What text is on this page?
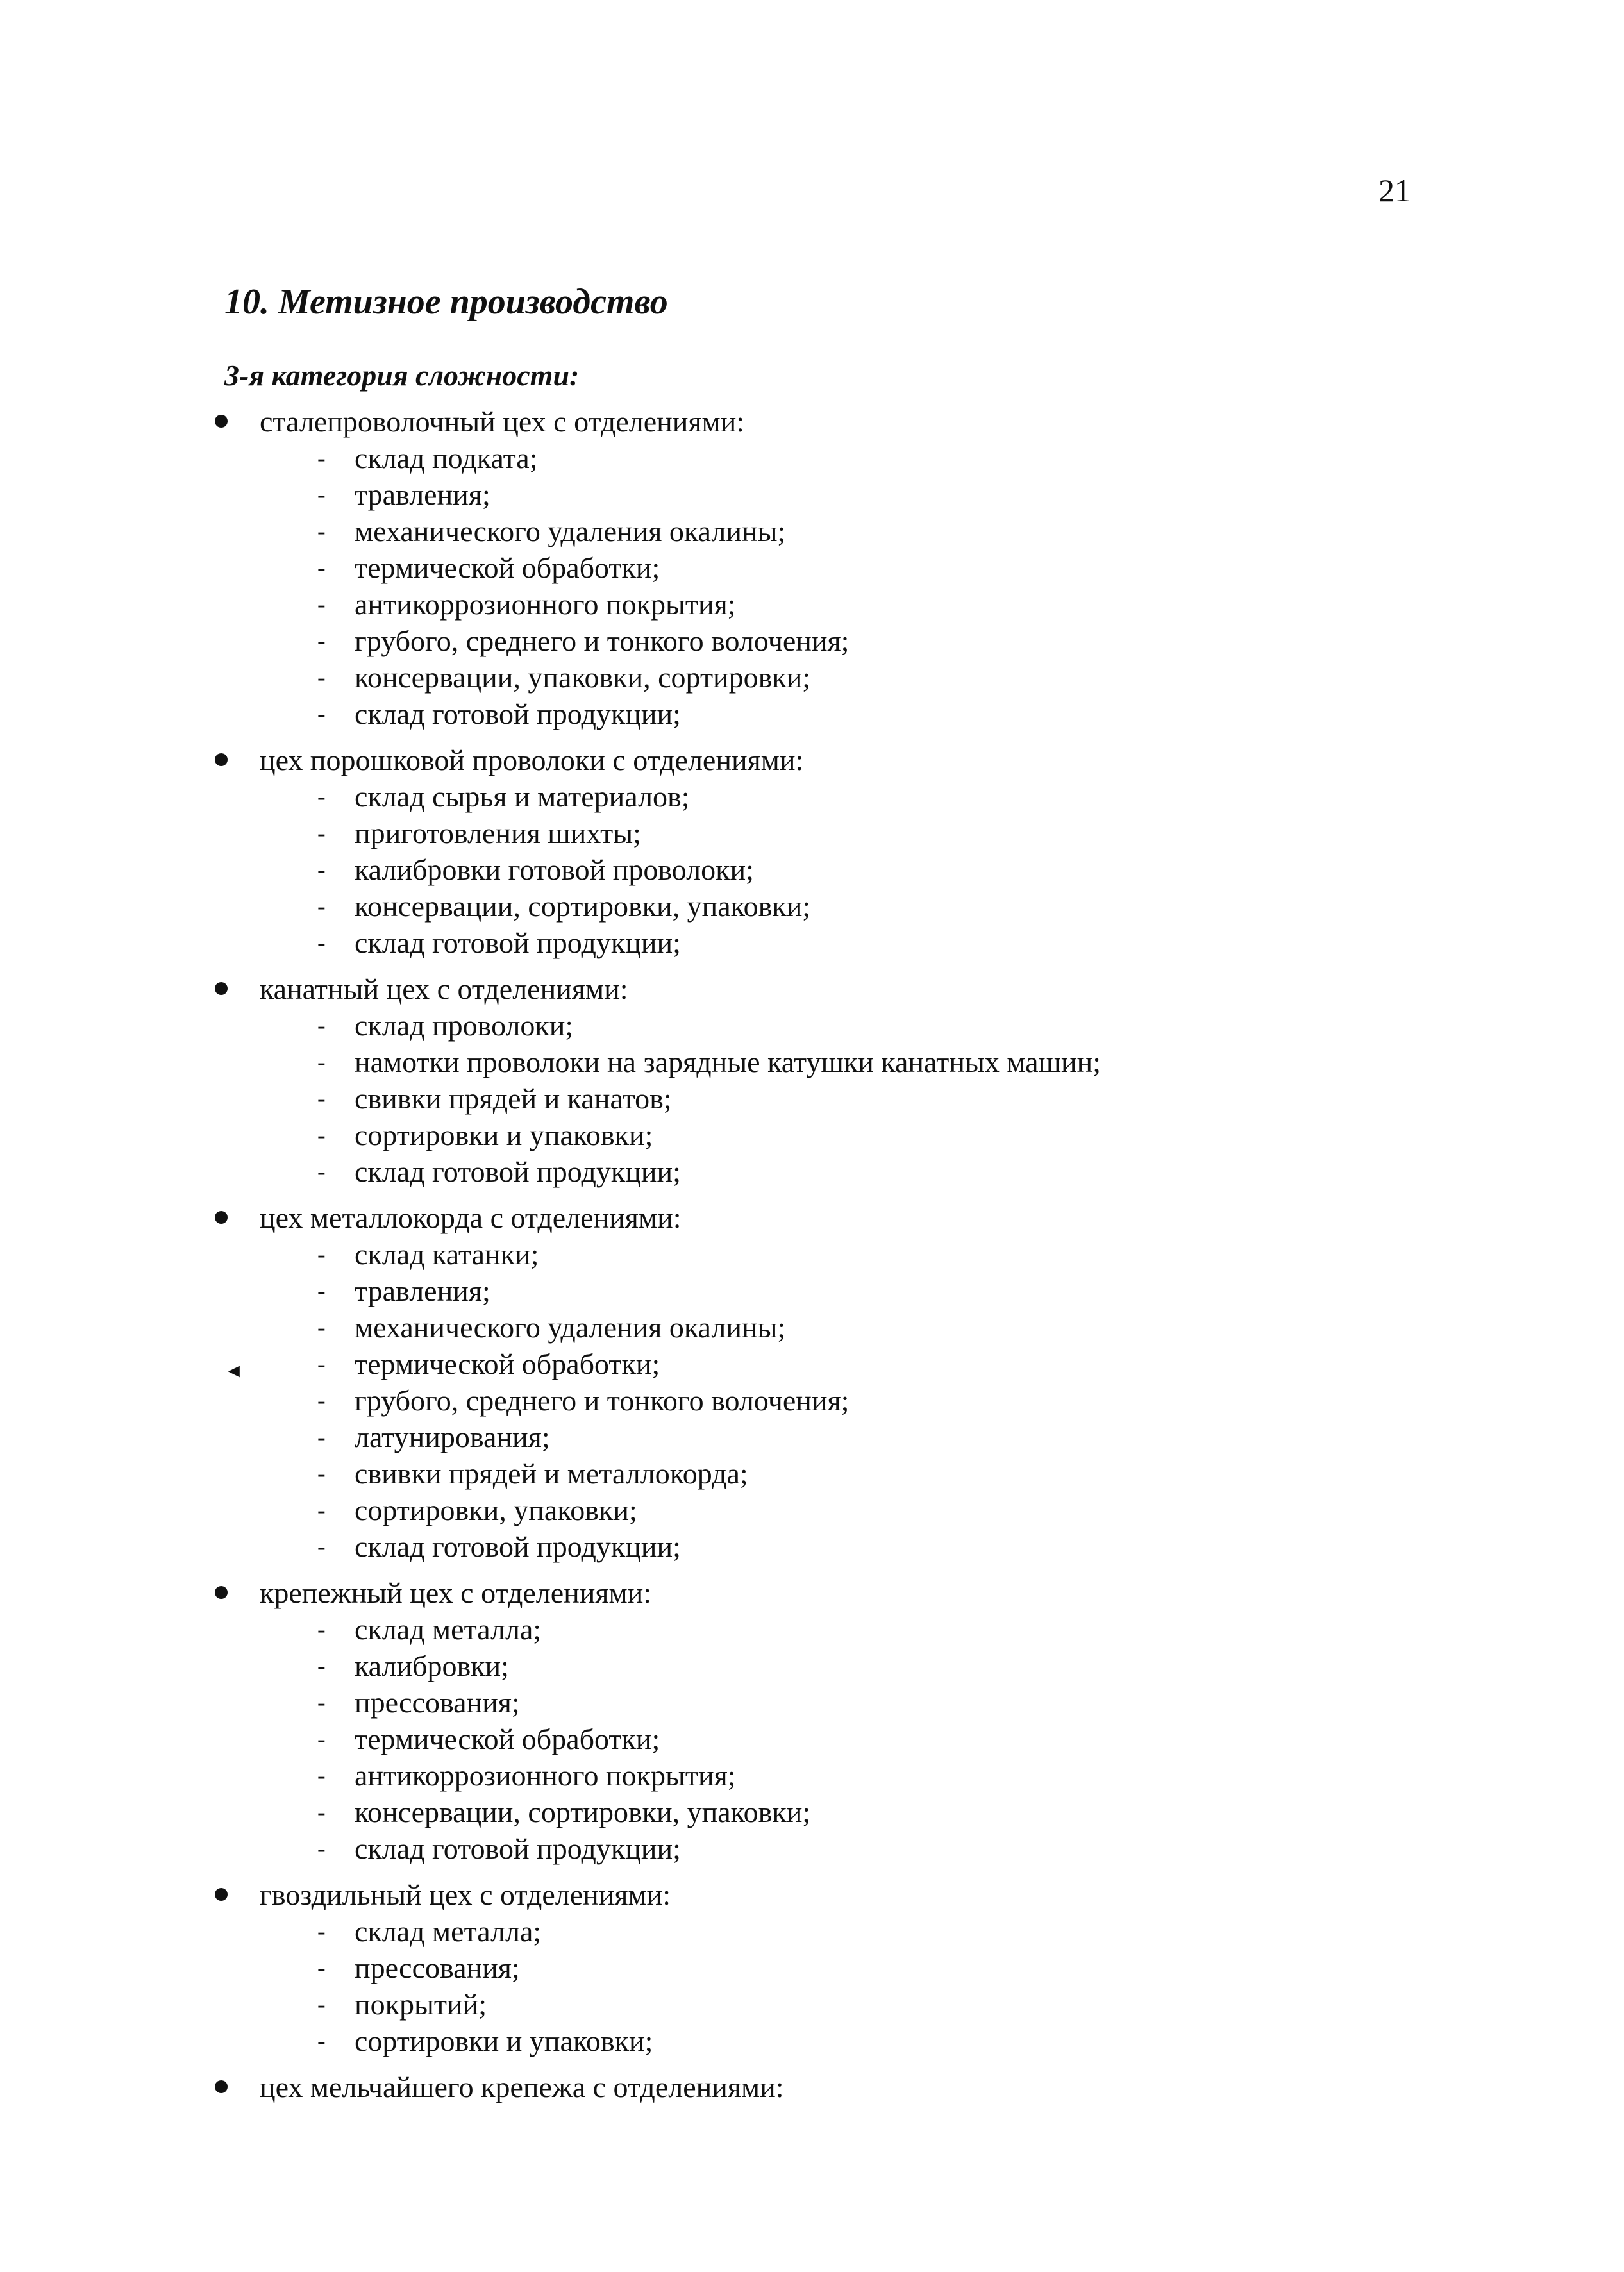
21
10. Метизное производство
3-я категория сложности:
◄
сталепроволочный цех с отделениями:
- склад подката;
- травления;
- механического удаления окалины;
- термической обработки;
- антикоррозионного покрытия;
- грубого, среднего и тонкого волочения;
- консервации, упаковки, сортировки;
- склад готовой продукции;
цех порошковой проволоки с отделениями:
- склад сырья и материалов;
- приготовления шихты;
- калибровки готовой проволоки;
- консервации, сортировки, упаковки;
- склад готовой продукции;
канатный цех с отделениями:
- склад проволоки;
- намотки проволоки на зарядные катушки канатных машин;
- свивки прядей и канатов;
- сортировки и упаковки;
- склад готовой продукции;
цех металлокорда с отделениями:
- склад катанки;
- травления;
- механического удаления окалины;
- термической обработки;
- грубого, среднего и тонкого волочения;
- латунирования;
- свивки прядей и металлокорда;
- сортировки, упаковки;
- склад готовой продукции;
крепежный цех с отделениями:
- склад металла;
- калибровки;
- прессования;
- термической обработки;
- антикоррозионного покрытия;
- консервации, сортировки, упаковки;
- склад готовой продукции;
гвоздильный цех с отделениями:
- склад металла;
- прессования;
- покрытий;
- сортировки и упаковки;
цех мельчайшего крепежа с отделениями:
